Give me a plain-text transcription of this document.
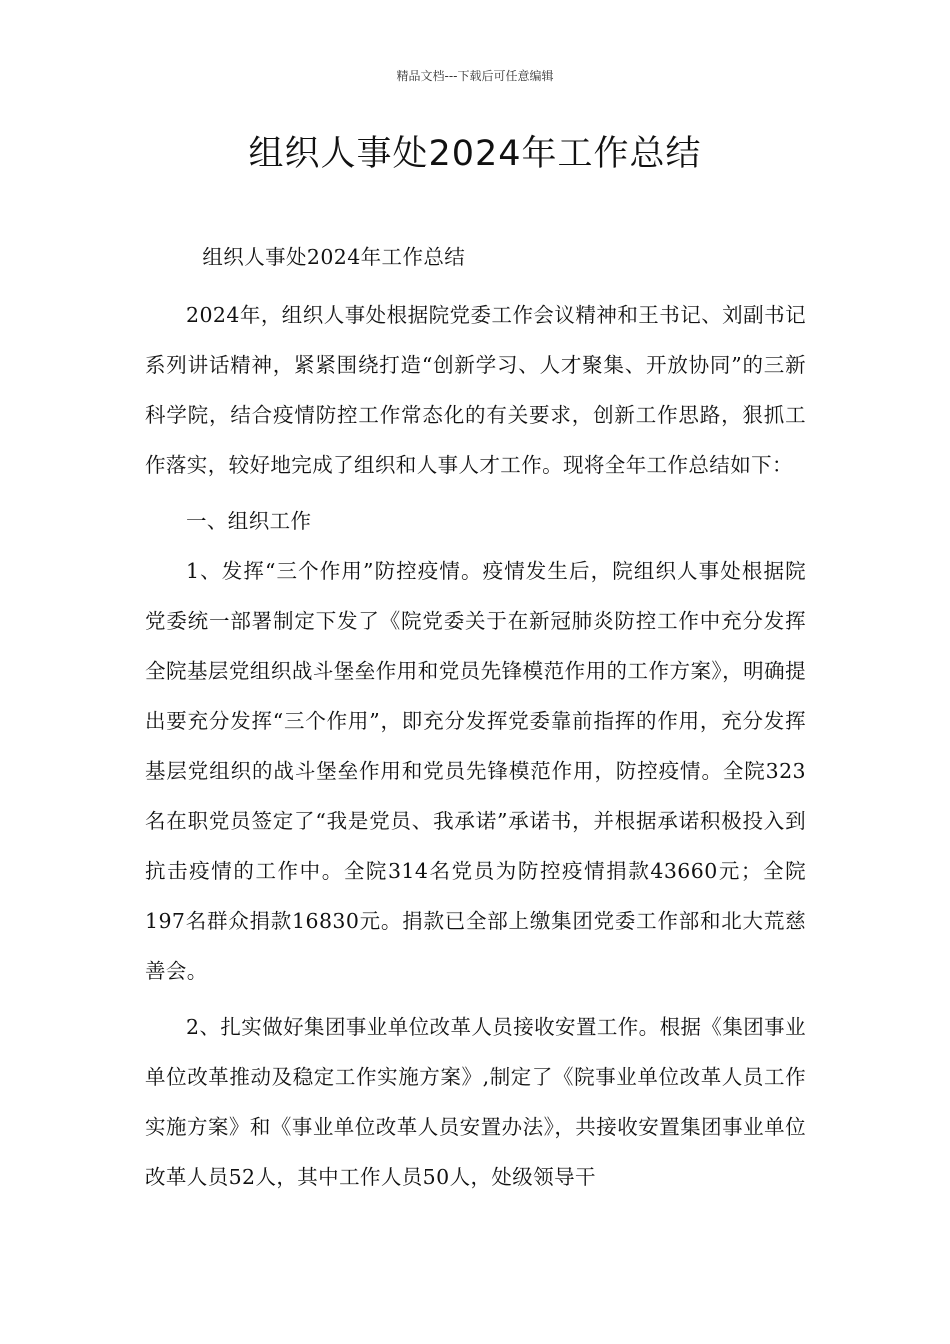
精品文档---下载后可任意编辑
组织人事处2024年工作总结

组织人事处2024年工作总结

2024年，组织人事处根据院党委工作会议精神和王书记、刘副书记系列讲话精神，紧紧围绕打造“创新学习、人才聚集、开放协同”的三新科学院，结合疫情防控工作常态化的有关要求，创新工作思路，狠抓工作落实，较好地完成了组织和人事人才工作。现将全年工作总结如下：

一、组织工作

1、发挥“三个作用”防控疫情。疫情发生后，院组织人事处根据院党委统一部署制定下发了《院党委关于在新冠肺炎防控工作中充分发挥全院基层党组织战斗堡垒作用和党员先锋模范作用的工作方案》，明确提出要充分发挥“三个作用”，即充分发挥党委靠前指挥的作用，充分发挥基层党组织的战斗堡垒作用和党员先锋模范作用，防控疫情。全院323名在职党员签定了“我是党员、我承诺”承诺书，并根据承诺积极投入到抗击疫情的工作中。全院314名党员为防控疫情捐款43660元；全院197名群众捐款16830元。捐款已全部上缴集团党委工作部和北大荒慈善会。

2、扎实做好集团事业单位改革人员接收安置工作。根据《集团事业单位改革推动及稳定工作实施方案》,制定了《院事业单位改革人员工作实施方案》和《事业单位改革人员安置办法》，共接收安置集团事业单位改革人员52人，其中工作人员50人，处级领导干
